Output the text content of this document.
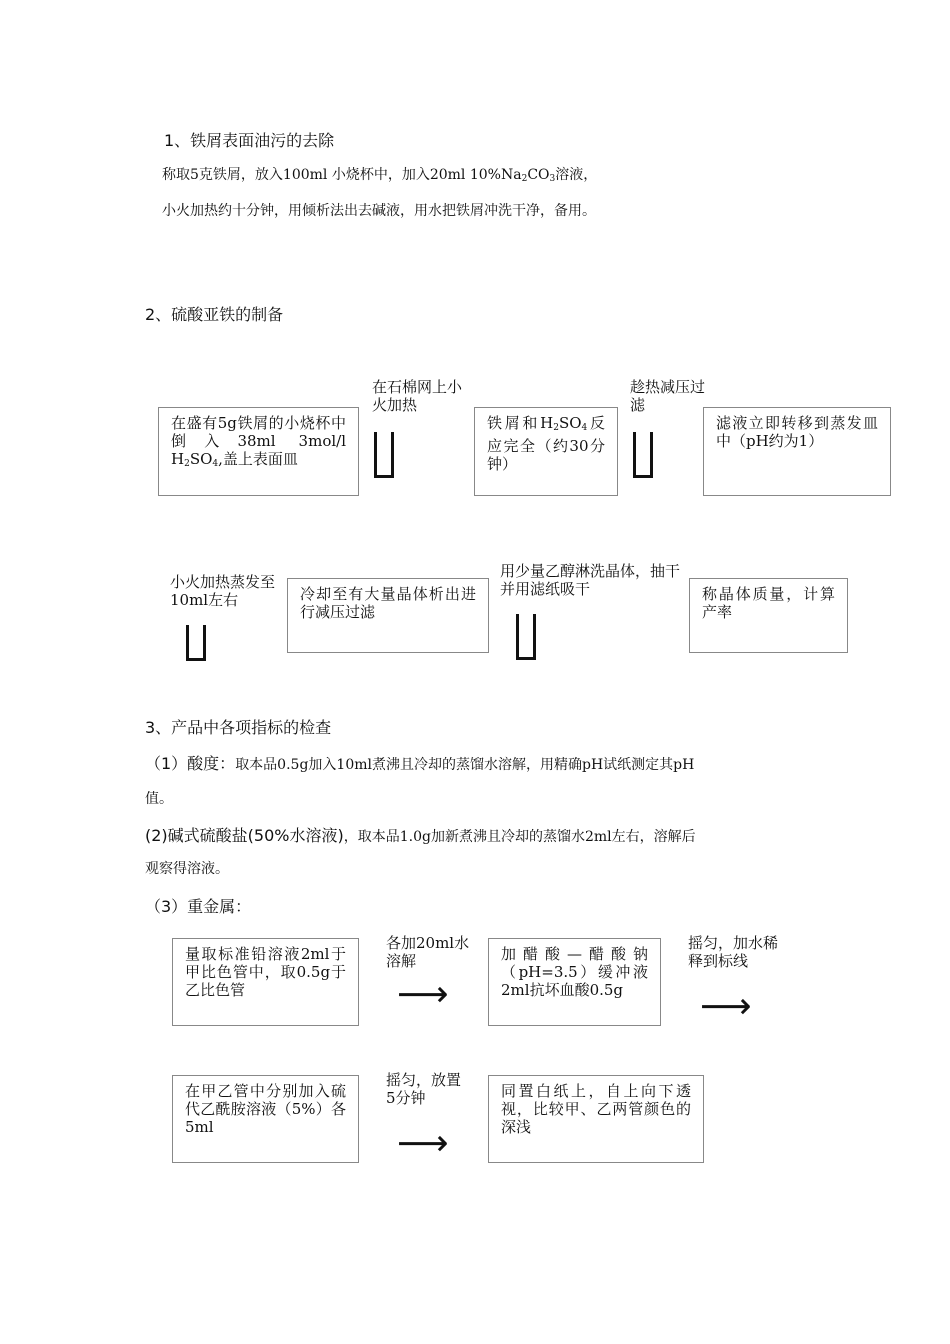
1、铁屑表面油污的去除
称取5克铁屑，放入100ml 小烧杯中，加入20ml $10\%Na_2CO_3$溶液，
小火加热约十分钟，用倾析法出去碱液，用水把铁屑冲洗干净，备用。
2、硫酸亚铁的制备
在盛有5g铁屑的小烧杯中倒入38ml 3mol/l $H_2SO_4$,盖上表面皿
在石棉网上小火加热
铁屑和$H_2SO_4$反应完全（约30分钟）
趁热减压过滤
滤液立即转移到蒸发皿中（pH约为1）
小火加热蒸发至10ml左右	冷却至有大量晶体析出进行减压过滤
用少量乙醇淋洗晶体，抽干并用滤纸吸干	称晶体质量，计算产率
3、产品中各项指标的检查
（1）酸度：取本品0.5g加入10ml煮沸且冷却的蒸馏水溶解，用精确pH试纸测定其pH
值。
(2)碱式硫酸盐(50%水溶液)，取本品1.0g加新煮沸且冷却的蒸馏水2ml左右，溶解后
观察得溶液。
（3）重金属：
量取标准铅溶液2ml于甲比色管中，取0.5g于乙比色管
各加20ml水溶解
⟶
加醋酸—醋酸钠（pH=3.5）缓冲液2ml抗坏血酸0.5g
摇匀，加水稀释到标线
⟶
在甲乙管中分别加入硫代乙酰胺溶液（5%）各5ml
摇匀，放置5分钟
⟶
同置白纸上，自上向下透视，比较甲、乙两管颜色的深浅
